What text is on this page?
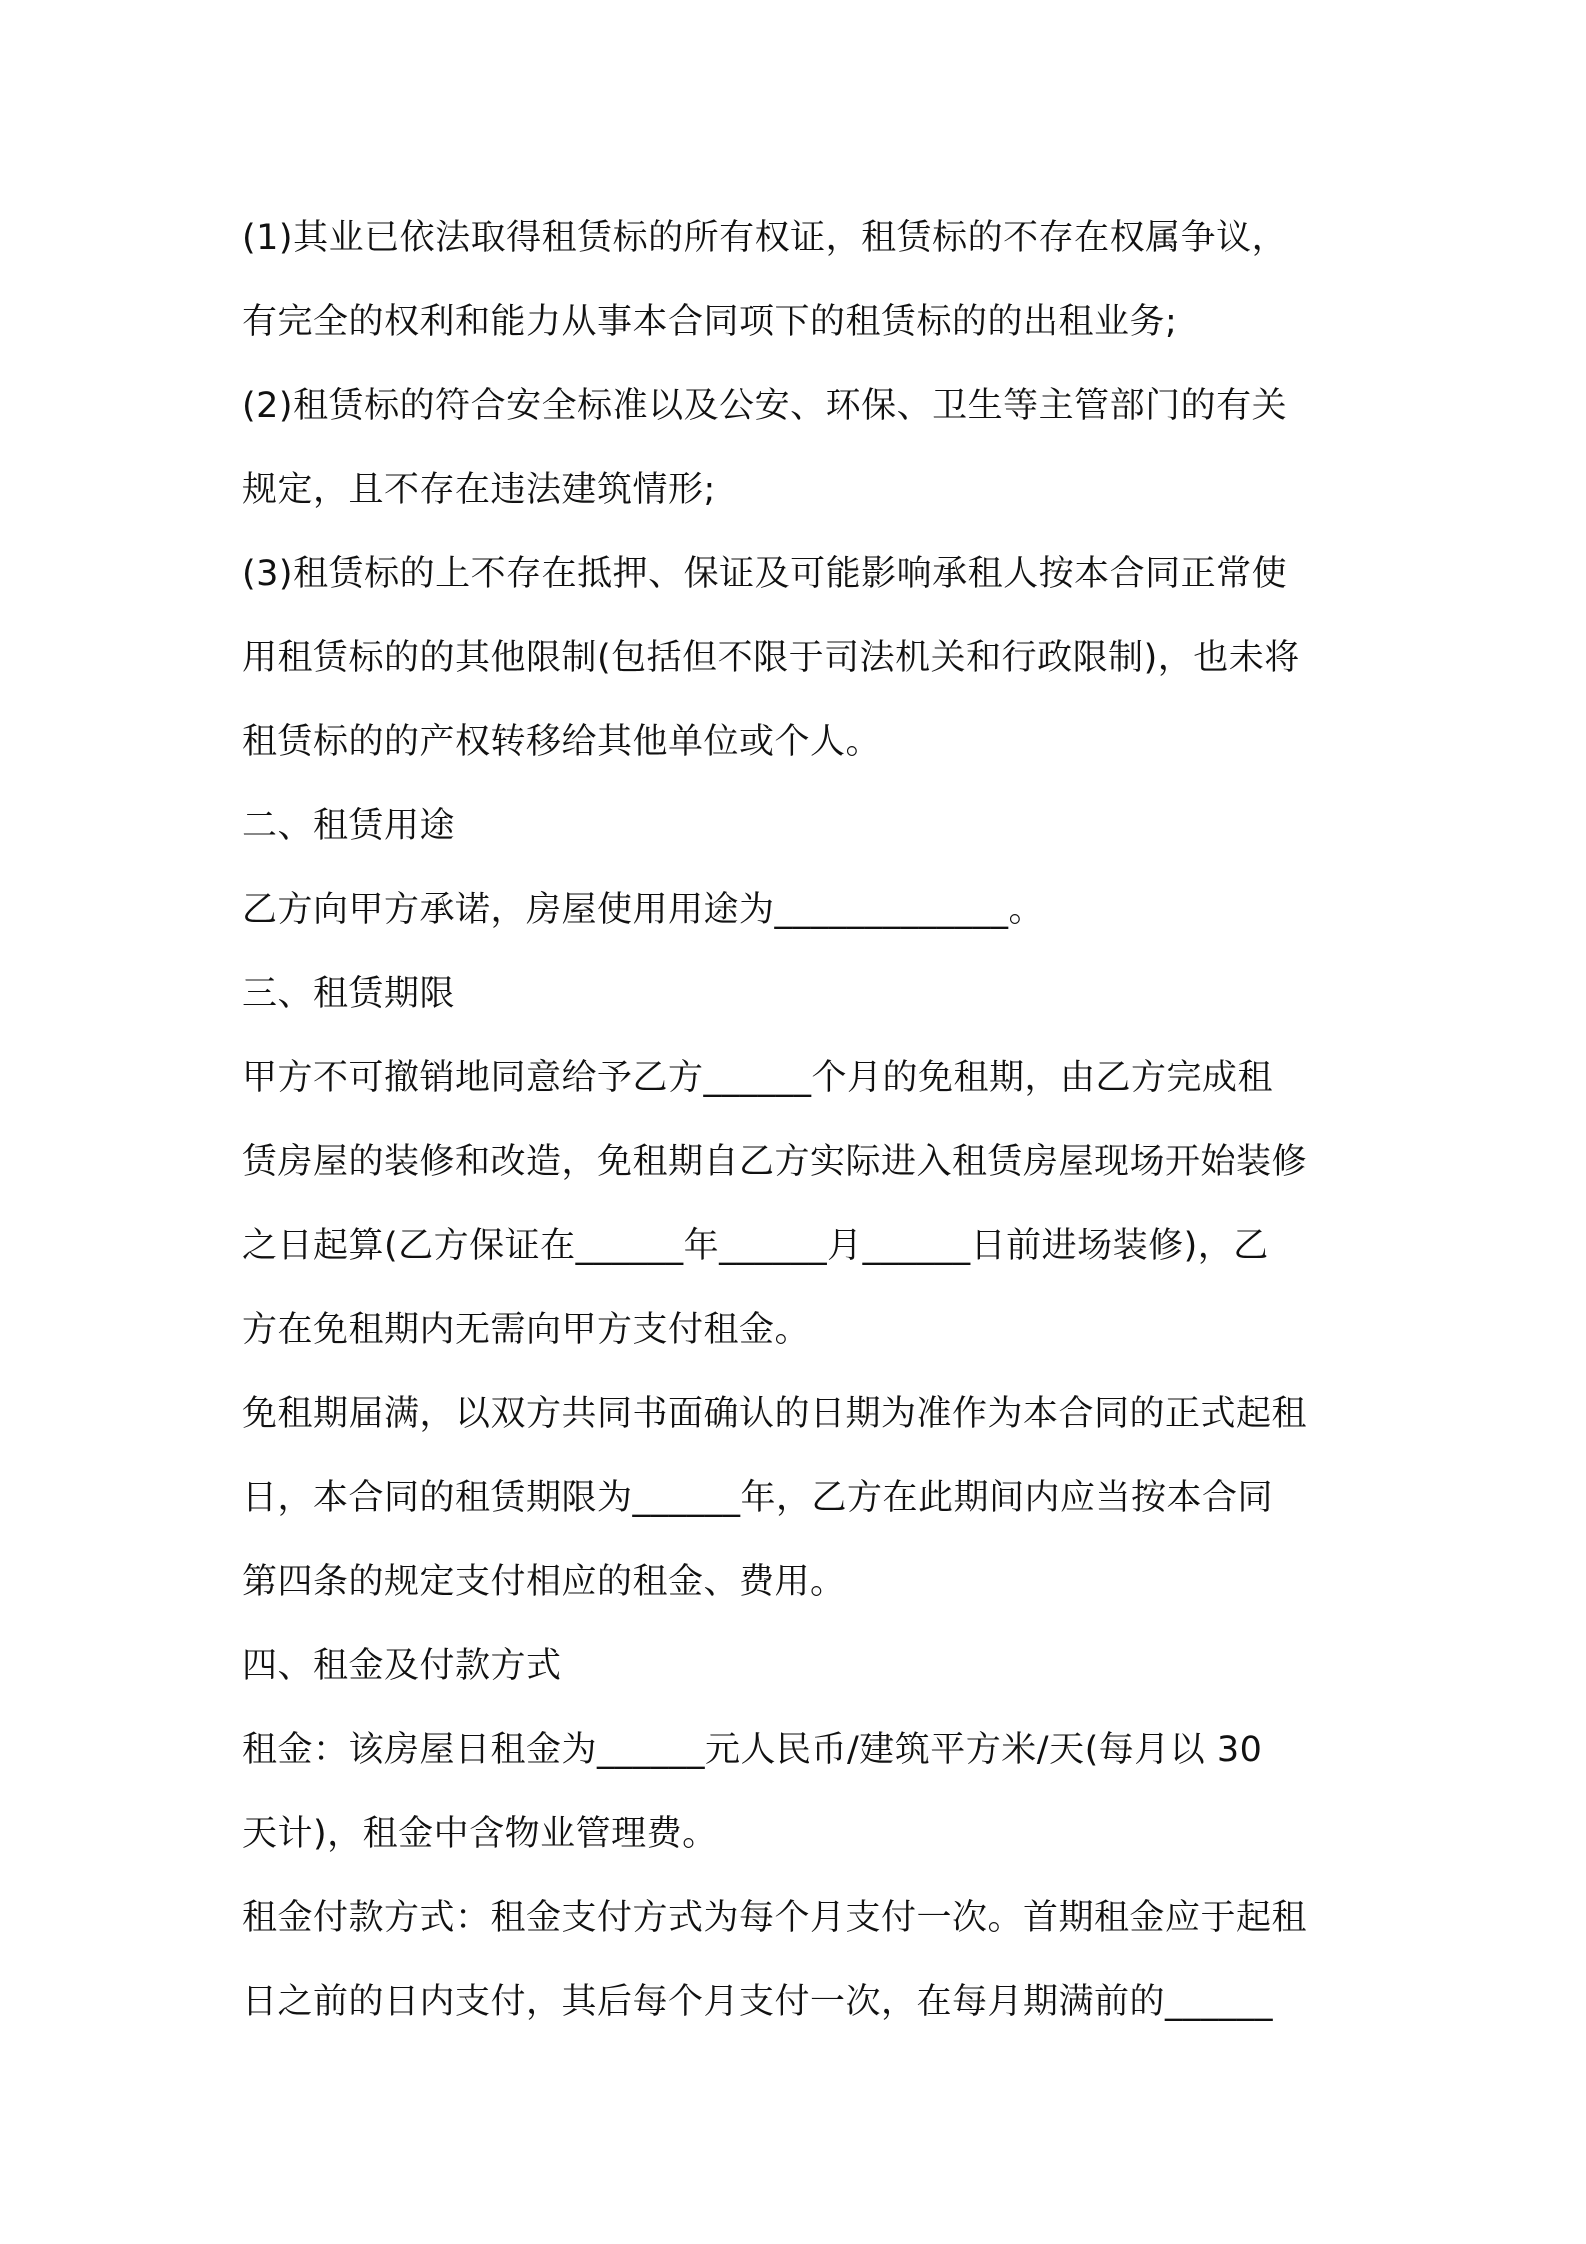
(1)其业已依法取得租赁标的所有权证，租赁标的不存在权属争议，
有完全的权利和能力从事本合同项下的租赁标的的出租业务;
(2)租赁标的符合安全标准以及公安、环保、卫生等主管部门的有关
规定，且不存在违法建筑情形;
(3)租赁标的上不存在抵押、保证及可能影响承租人按本合同正常使
用租赁标的的其他限制(包括但不限于司法机关和行政限制)，也未将
租赁标的的产权转移给其他单位或个人。
二、租赁用途
乙方向甲方承诺，房屋使用用途为_____________。
三、租赁期限
甲方不可撤销地同意给予乙方______个月的免租期，由乙方完成租
赁房屋的装修和改造，免租期自乙方实际进入租赁房屋现场开始装修
之日起算(乙方保证在______年______月______日前进场装修)，乙
方在免租期内无需向甲方支付租金。
免租期届满，以双方共同书面确认的日期为准作为本合同的正式起租
日，本合同的租赁期限为______年，乙方在此期间内应当按本合同
第四条的规定支付相应的租金、费用。
四、租金及付款方式
租金：该房屋日租金为______元人民币/建筑平方米/天(每月以 30
天计)，租金中含物业管理费。
租金付款方式：租金支付方式为每个月支付一次。首期租金应于起租
日之前的日内支付，其后每个月支付一次，在每月期满前的______
